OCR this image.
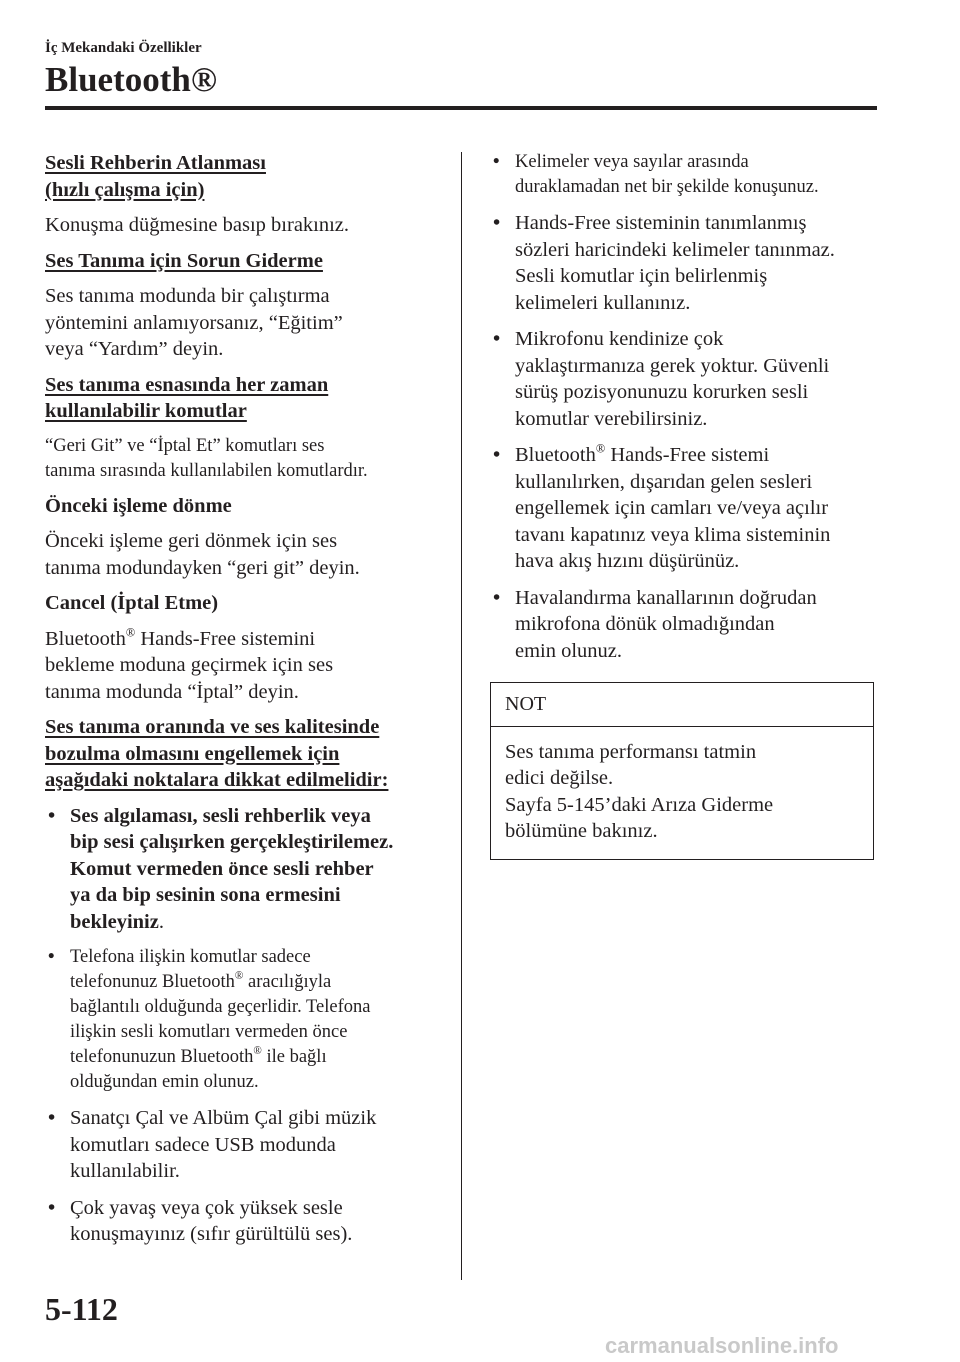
İç Mekandaki Özellikler
Bluetooth®
Sesli Rehberin Atlanması
(hızlı çalışma için)

Konuşma düğmesine basıp bırakınız.

Ses Tanıma için Sorun Giderme

Ses tanıma modunda bir çalıştırma
yöntemini anlamıyorsanız, “Eğitim”
veya “Yardım” deyin.

Ses tanıma esnasında her zaman
kullanılabilir komutlar

“Geri Git” ve “İptal Et” komutları ses
tanıma sırasında kullanılabilen komutlardır.

Önceki işleme dönme

Önceki işleme geri dönmek için ses
tanıma modundayken “geri git” deyin.

Cancel (İptal Etme)

Bluetooth® Hands-Free sistemini
bekleme moduna geçirmek için ses
tanıma modunda “İptal” deyin.

Ses tanıma oranında ve ses kalitesinde
bozulma olmasını engellemek için
aşağıdaki noktalara dikkat edilmelidir:
• Ses algılaması, sesli rehberlik veya
bip sesi çalışırken gerçekleştirilemez.
Komut vermeden önce sesli rehber
ya da bip sesinin sona ermesini
bekleyiniz.
• Telefona ilişkin komutlar sadece
telefonunuz Bluetooth® aracılığıyla
bağlantılı olduğunda geçerlidir. Telefona
ilişkin sesli komutları vermeden önce
telefonunuzun Bluetooth® ile bağlı
olduğundan emin olunuz.
• Sanatçı Çal ve Albüm Çal gibi müzik
komutları sadece USB modunda
kullanılabilir.
• Çok yavaş veya çok yüksek sesle
konuşmayınız (sıfır gürültülü ses).
• Kelimeler veya sayılar arasında
duraklamadan net bir şekilde konuşunuz.
• Hands-Free sisteminin tanımlanmış
sözleri haricindeki kelimeler tanınmaz.
Sesli komutlar için belirlenmiş
kelimeleri kullanınız.
• Mikrofonu kendinize çok
yaklaştırmanıza gerek yoktur. Güvenli
sürüş pozisyonunuzu korurken sesli
komutlar verebilirsiniz.
• Bluetooth® Hands-Free sistemi
kullanılırken, dışarıdan gelen sesleri
engellemek için camları ve/veya açılır
tavanı kapatınız veya klima sisteminin
hava akış hızını düşürünüz.
• Havalandırma kanallarının doğrudan
mikrofona dönük olmadığından
emin olunuz.
NOT
Ses tanıma performansı tatmin
edici değilse.
Sayfa 5-145’daki Arıza Giderme
bölümüne bakınız.
5-112
carmanualsonline.info
